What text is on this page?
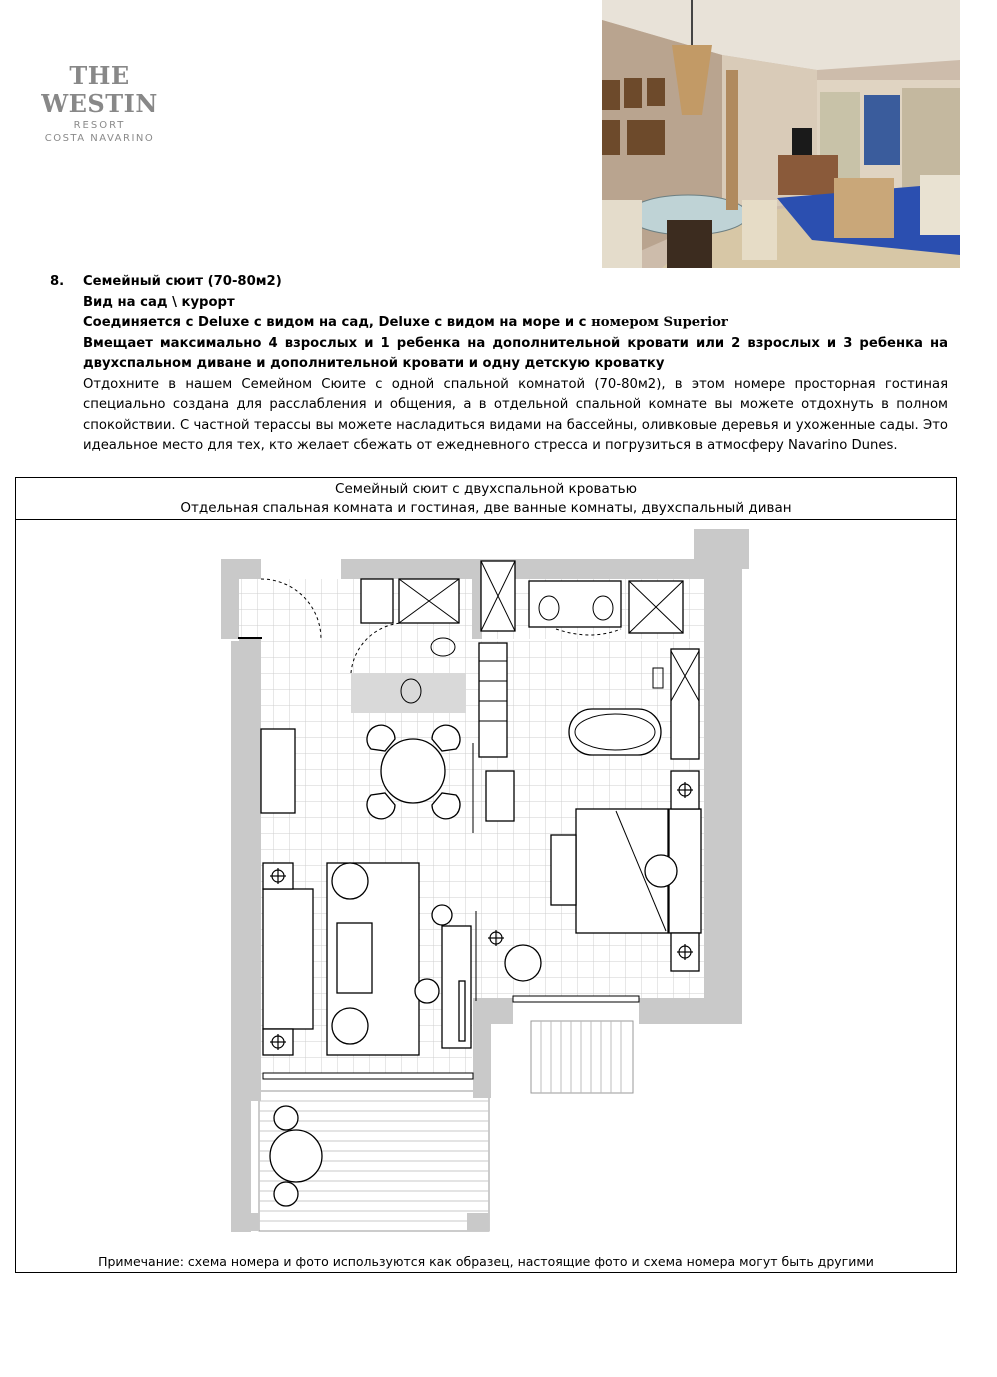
THE WESTIN
RESORT
COSTA NAVARINO
8. Семейный сюит (70-80м2)
Вид на сад \ курорт
Соединяется с Deluxe с видом на сад, Deluxe с видом на море и с номером Superior
Вмещает максимально 4 взрослых и 1 ребенка на дополнительной кровати или 2 взрослых и 3 ребенка на двухспальном диване и дополнительной кровати и одну детскую кроватку
Отдохните в нашем Семейном Сюите с одной спальной комнатой (70-80м2), в этом номере просторная гостиная специально создана для расслабления и общения, а в отдельной спальной комнате вы можете отдохнуть в полном спокойствии. С частной терассы вы можете насладиться видами на бассейны, оливковые деревья и ухоженные сады. Это идеальное место для тех, кто желает сбежать от ежедневного стресса и погрузиться в атмосферу Navarino Dunes.
Семейный сюит с двухспальной кроватью
Отдельная спальная комната и гостиная, две ванные комнаты, двухспальный диван
Примечание: схема номера и фото используются как образец, настоящие фото и схема номера могут быть другими
